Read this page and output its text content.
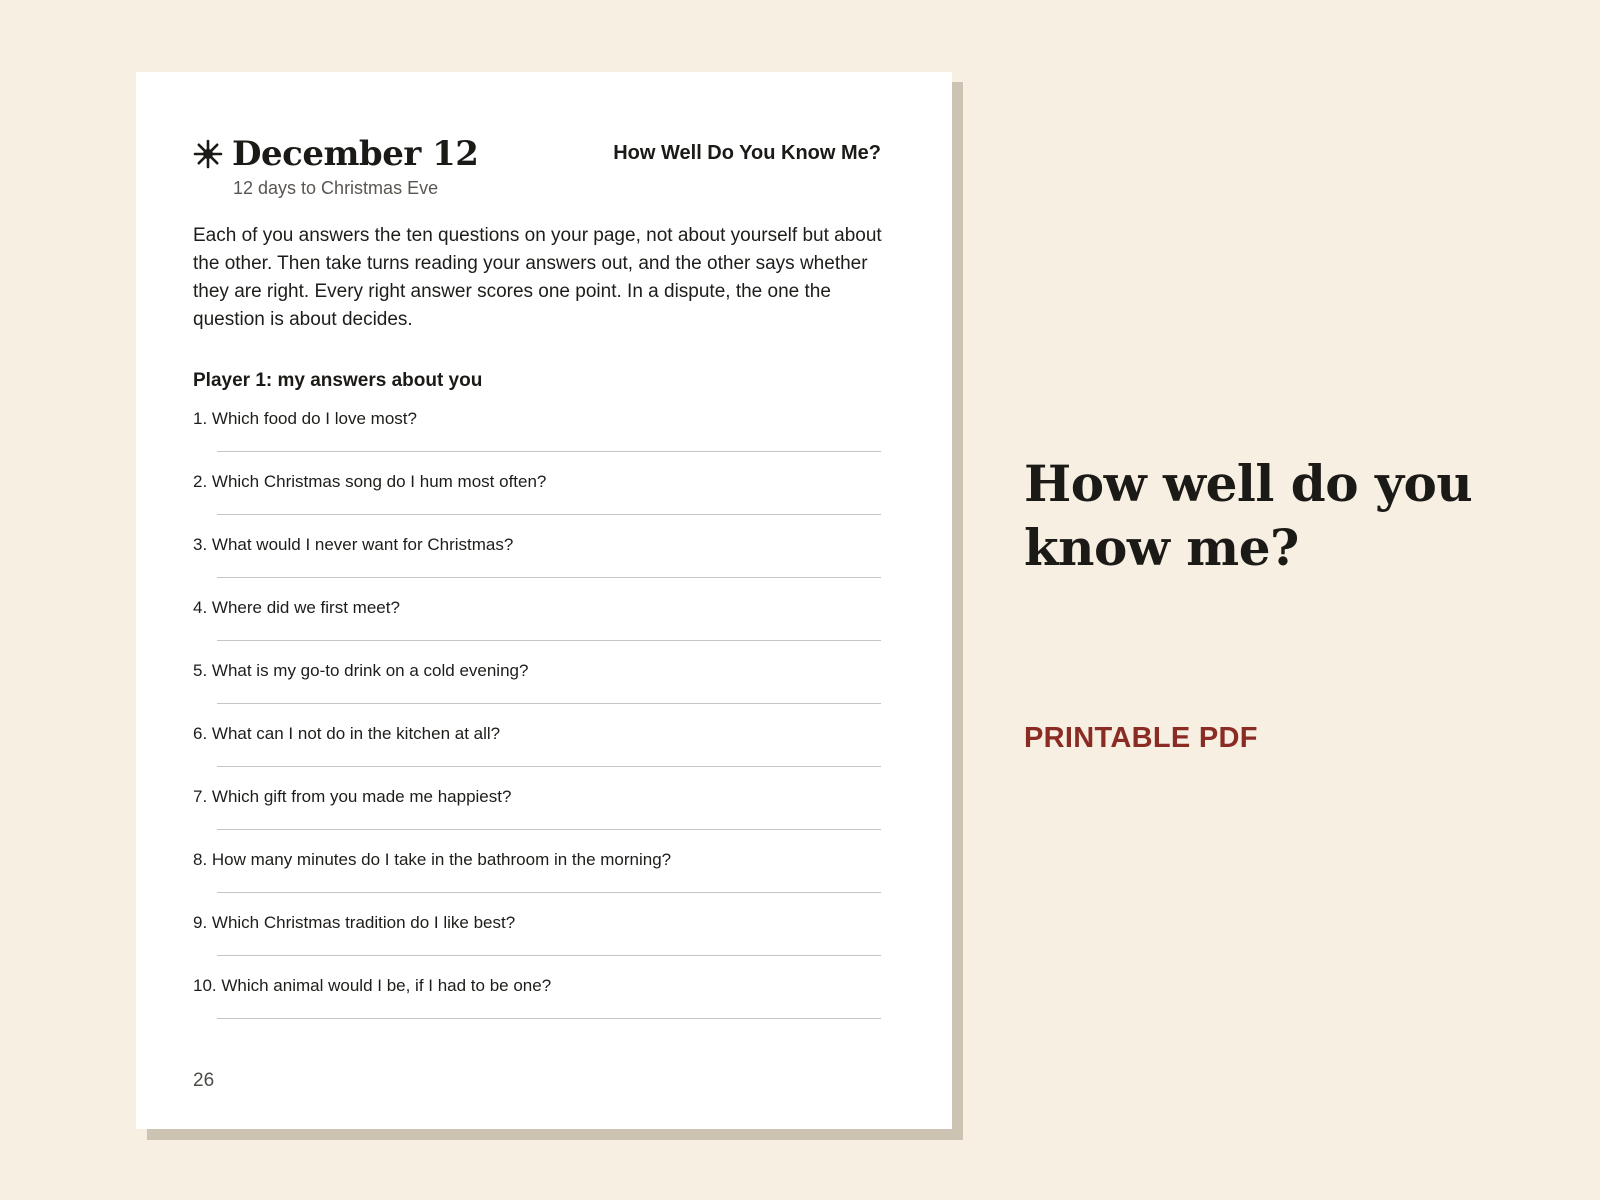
December 12
12 days to Christmas Eve
How Well Do You Know Me?

Each of you answers the ten questions on your page, not about yourself but about the other. Then take turns reading your answers out, and the other says whether they are right. Every right answer scores one point. In a dispute, the one the question is about decides.

Player 1: my answers about you
1. Which food do I love most?
2. Which Christmas song do I hum most often?
3. What would I never want for Christmas?
4. Where did we first meet?
5. What is my go-to drink on a cold evening?
6. What can I not do in the kitchen at all?
7. Which gift from you made me happiest?
8. How many minutes do I take in the bathroom in the morning?
9. Which Christmas tradition do I like best?
10. Which animal would I be, if I had to be one?
26
How well do you know me?
PRINTABLE PDF
